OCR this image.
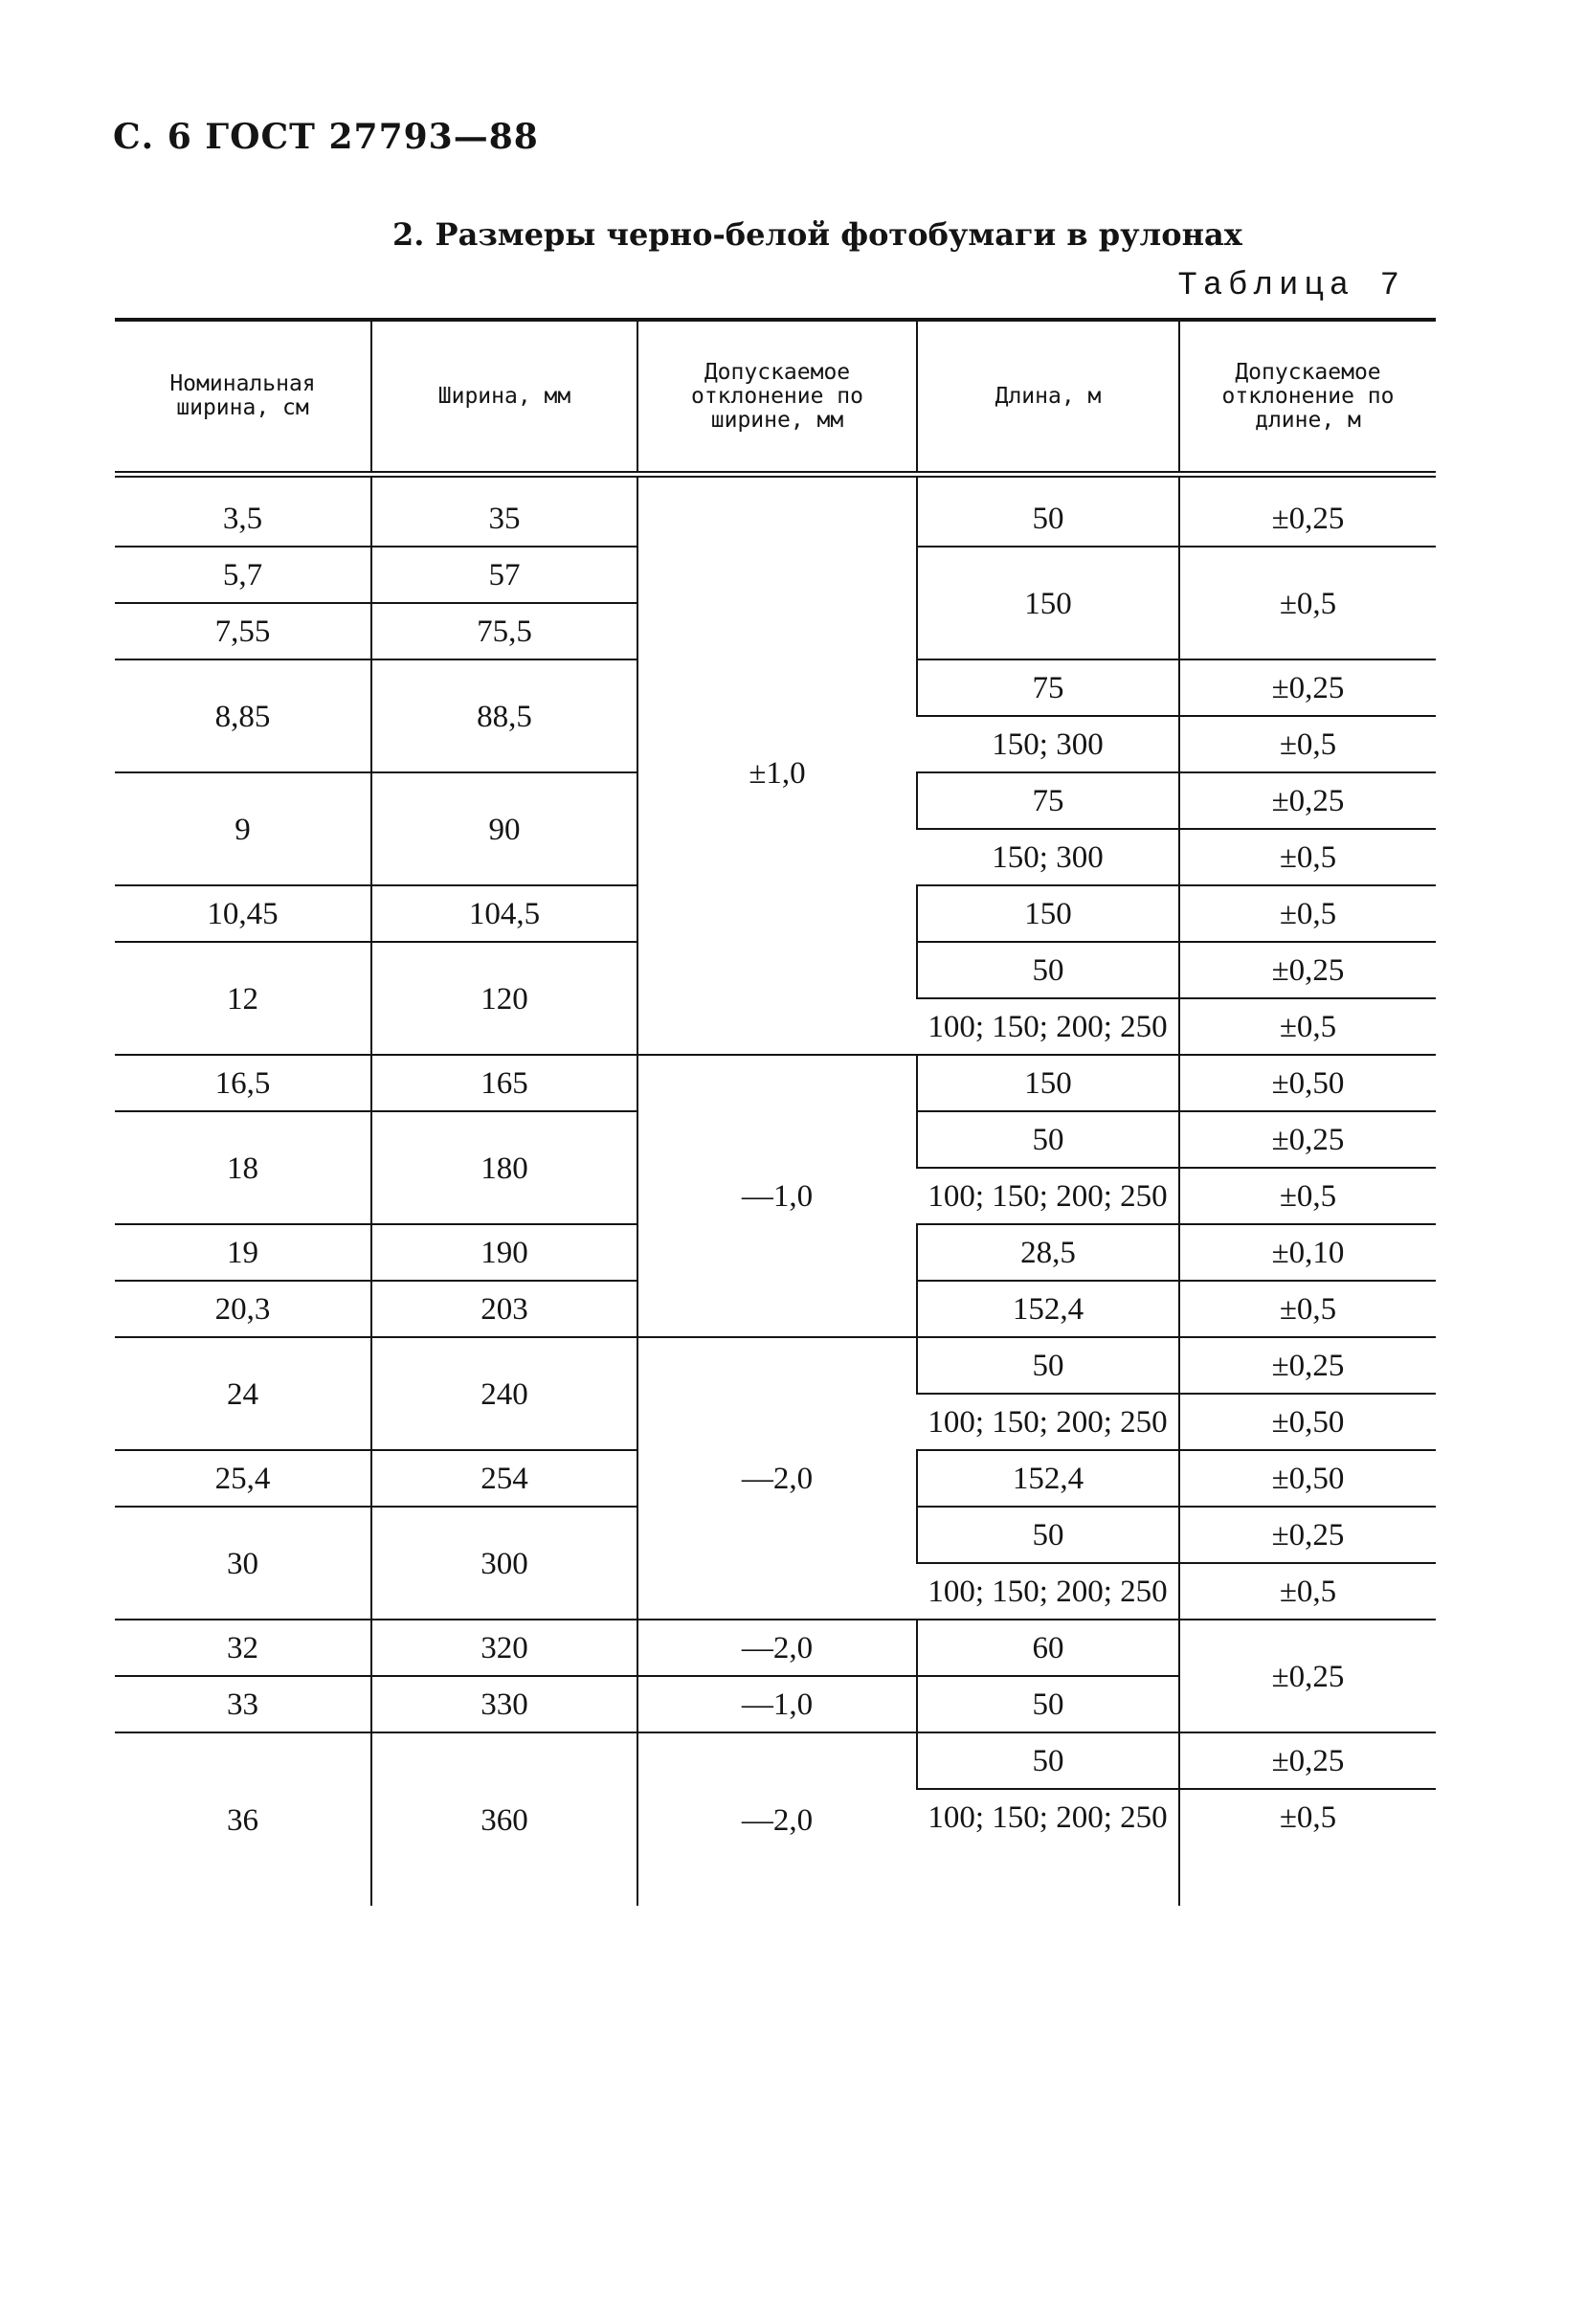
С. 6 ГОСТ 27793—88
2. Размеры черно-белой фотобумаги в рулонах
Таблица 7
Номинальная ширина, см	Ширина, мм	Допускаемое отклонение по ширине, мм	Длина, м	Допускаемое отклонение по длине, м
3,5	35	±1,0	50	±0,25
5,7	57		150	±0,5
7,55	75,5			
8,85	88,5		75	±0,25
			150; 300	±0,5
9	90		75	±0,25
			150; 300	±0,5
10,45	104,5		150	±0,5
12	120		50	±0,25
			100; 150; 200; 250	±0,5
16,5	165	—1,0	150	±0,50
18	180		50	±0,25
			100; 150; 200; 250	±0,5
19	190		28,5	±0,10
20,3	203		152,4	±0,5
24	240	—2,0	50	±0,25
			100; 150; 200; 250	±0,50
25,4	254		152,4	±0,50
30	300		50	±0,25
			100; 150; 200; 250	±0,5
32	320	—2,0	60	±0,25
33	330	—1,0	50	
36	360	—2,0	50	±0,25
			100; 150; 200; 250	±0,5
